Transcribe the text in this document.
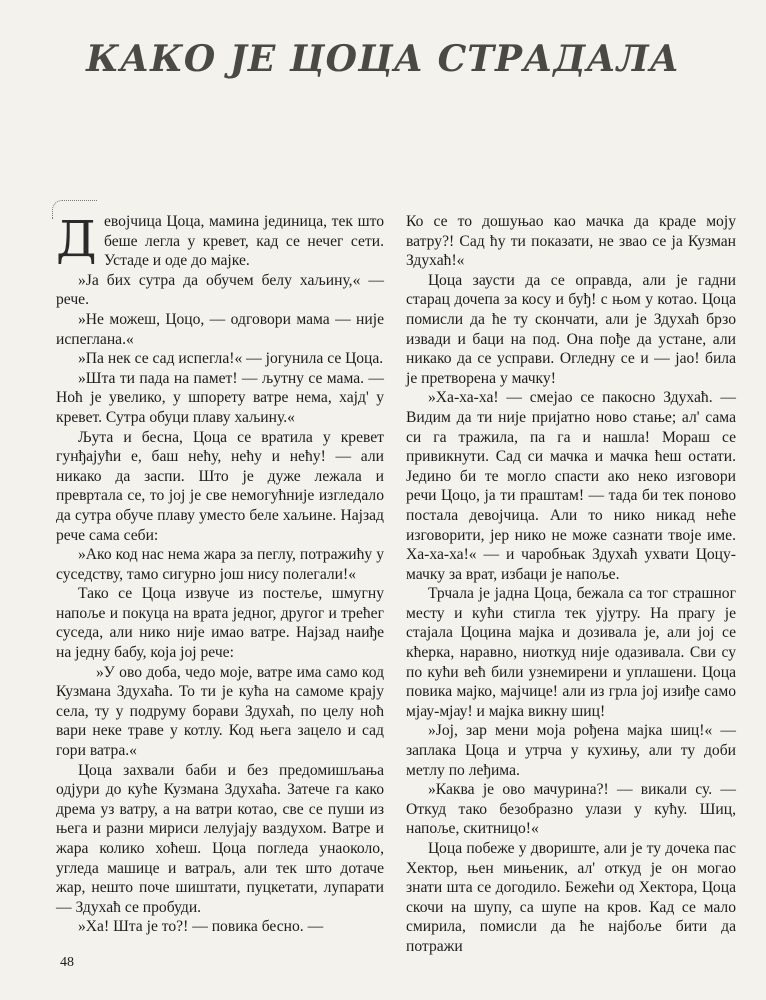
КАКО ЈЕ ЦОЦА СТРАДАЛА

Девојчица Цоца, мамина јединица, тек што беше легла у кревет, кад се нечег сети. Устаде и оде до мајке.

»Ја бих сутра да обучем белу хаљину,« — рече.

»Не можеш, Цоцо, — одговори мама — није испеглана.«

»Па нек се сад испегла!« — јогунила се Цоца.

»Шта ти пада на памет! — љутну се мама. — Ноћ је увелико, у шпорету ватре нема, хајд' у кревет. Сутра обуци плаву хаљину.«

Љута и бесна, Цоца се вратила у кревет гунђајући е, баш нећу, нећу и нећу! — али никако да заспи. Што је дуже лежала и превртала се, то јој је све немогућније изгледало да сутра обуче плаву уместо беле хаљине. Најзад рече сама себи:

»Ако код нас нема жара за пеглу, потражићу у суседству, тамо сигурно још нису полегали!«

Тако се Цоца извуче из постеље, шмугну напоље и покуца на врата једног, другог и трећег суседа, али нико није имао ватре. Најзад наиђе на једну бабу, која јој рече:

»У ово доба, чедо моје, ватре има само код Кузмана Здухаћа. То ти је кућа на самоме крају села, ту у подруму борави Здухаћ, по целу ноћ вари неке траве у котлу. Код њега зацело и сад гори ватра.«

Цоца захвали баби и без предомишљања одјури до куће Кузмана Здухаћа. Затече га како дрема уз ватру, а на ватри котао, све се пуши из њега и разни мириси лелујају ваздухом. Ватре и жара колико хоћеш. Цоца погледа унаоколо, угледа машице и ватраљ, али тек што дотаче жар, нешто поче шиштати, пуцкетати, лупарати — Здухаћ се пробуди.

»Ха! Шта је то?! — повика бесно. —

Ко се то дошуњао као мачка да краде моју ватру?! Сад ћу ти показати, не звао се ја Кузман Здухаћ!«

Цоца заусти да се оправда, али је гадни старац дочепа за косу и буђ! с њом у котао. Цоца помисли да ће ту скончати, али је Здухаћ брзо извади и баци на под. Она пође да устане, али никако да се усправи. Огледну се и — јао! била је претворена у мачку!

»Ха-ха-ха! — смејао се пакосно Здухаћ. — Видим да ти није пријатно ново стање; ал' сама си га тражила, па га и нашла! Мораш се привикнути. Сад си мачка и мачка ћеш остати. Једино би те могло спасти ако неко изговори речи Цоцо, ја ти праштам! — тада би тек поново постала девојчица. Али то нико никад неће изговорити, јер нико не може сазнати твоје име. Ха-ха-ха!« — и чаробњак Здухаћ ухвати Цоцу-мачку за врат, избаци је напоље.

Трчала је јадна Цоца, бежала са тог страшног месту и кући стигла тек ујутру. На прагу је стајала Цоцина мајка и дозивала је, али јој се кћерка, наравно, ниоткуд није одазивала. Сви су по кући већ били узнемирени и уплашени. Цоца повика мајко, мајчице! али из грла јој изиђе само мјау-мјау! и мајка викну шиц!

»Јој, зар мени моја рођена мајка шиц!« — заплака Цоца и утрча у кухињу, али ту доби метлу по леђима.

»Каква је ово мачурина?! — викали су. — Откуд тако безобразно улази у кућу. Шиц, напоље, скитницо!«

Цоца побеже у двориште, али је ту дочека пас Хектор, њен мињеник, ал' откуд је он могао знати шта се догодило. Бежећи од Хектора, Цоца скочи на шупу, са шупе на кров. Кад се мало смирила, помисли да ће најбоље бити да потражи

48
